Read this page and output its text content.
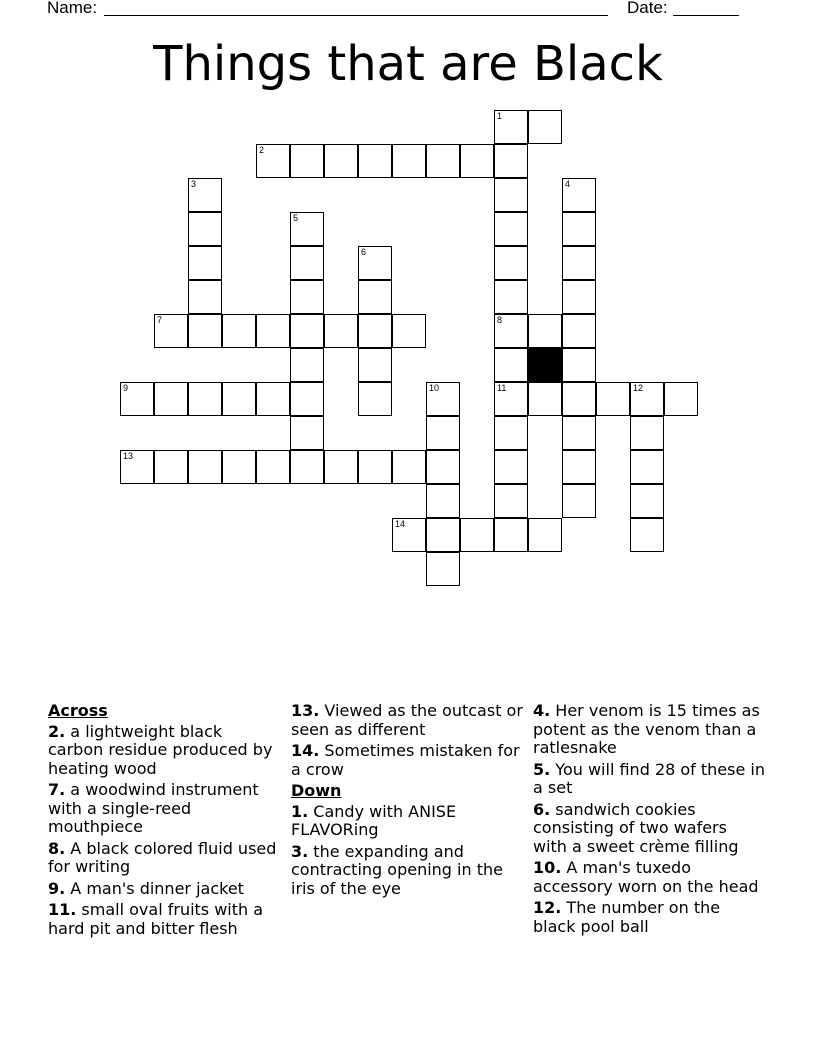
Name:	Date:
Things that are Black
1
2
3	4
5
6
7	8
9	10	11	12
13
14
Across
2. a lightweight black carbon residue produced by heating wood
7. a woodwind instrument with a single-reed mouthpiece
8. A black colored fluid used for writing
9. A man's dinner jacket
11. small oval fruits with a hard pit and bitter flesh
13. Viewed as the outcast or seen as different
14. Sometimes mistaken for a crow
Down
1. Candy with ANISE FLAVORing
3. the expanding and contracting opening in the iris of the eye
4. Her venom is 15 times as potent as the venom than a ratlesnake
5. You will find 28 of these in a set
6. sandwich cookies consisting of two wafers with a sweet crème filling
10. A man's tuxedo accessory worn on the head
12. The number on the black pool ball
